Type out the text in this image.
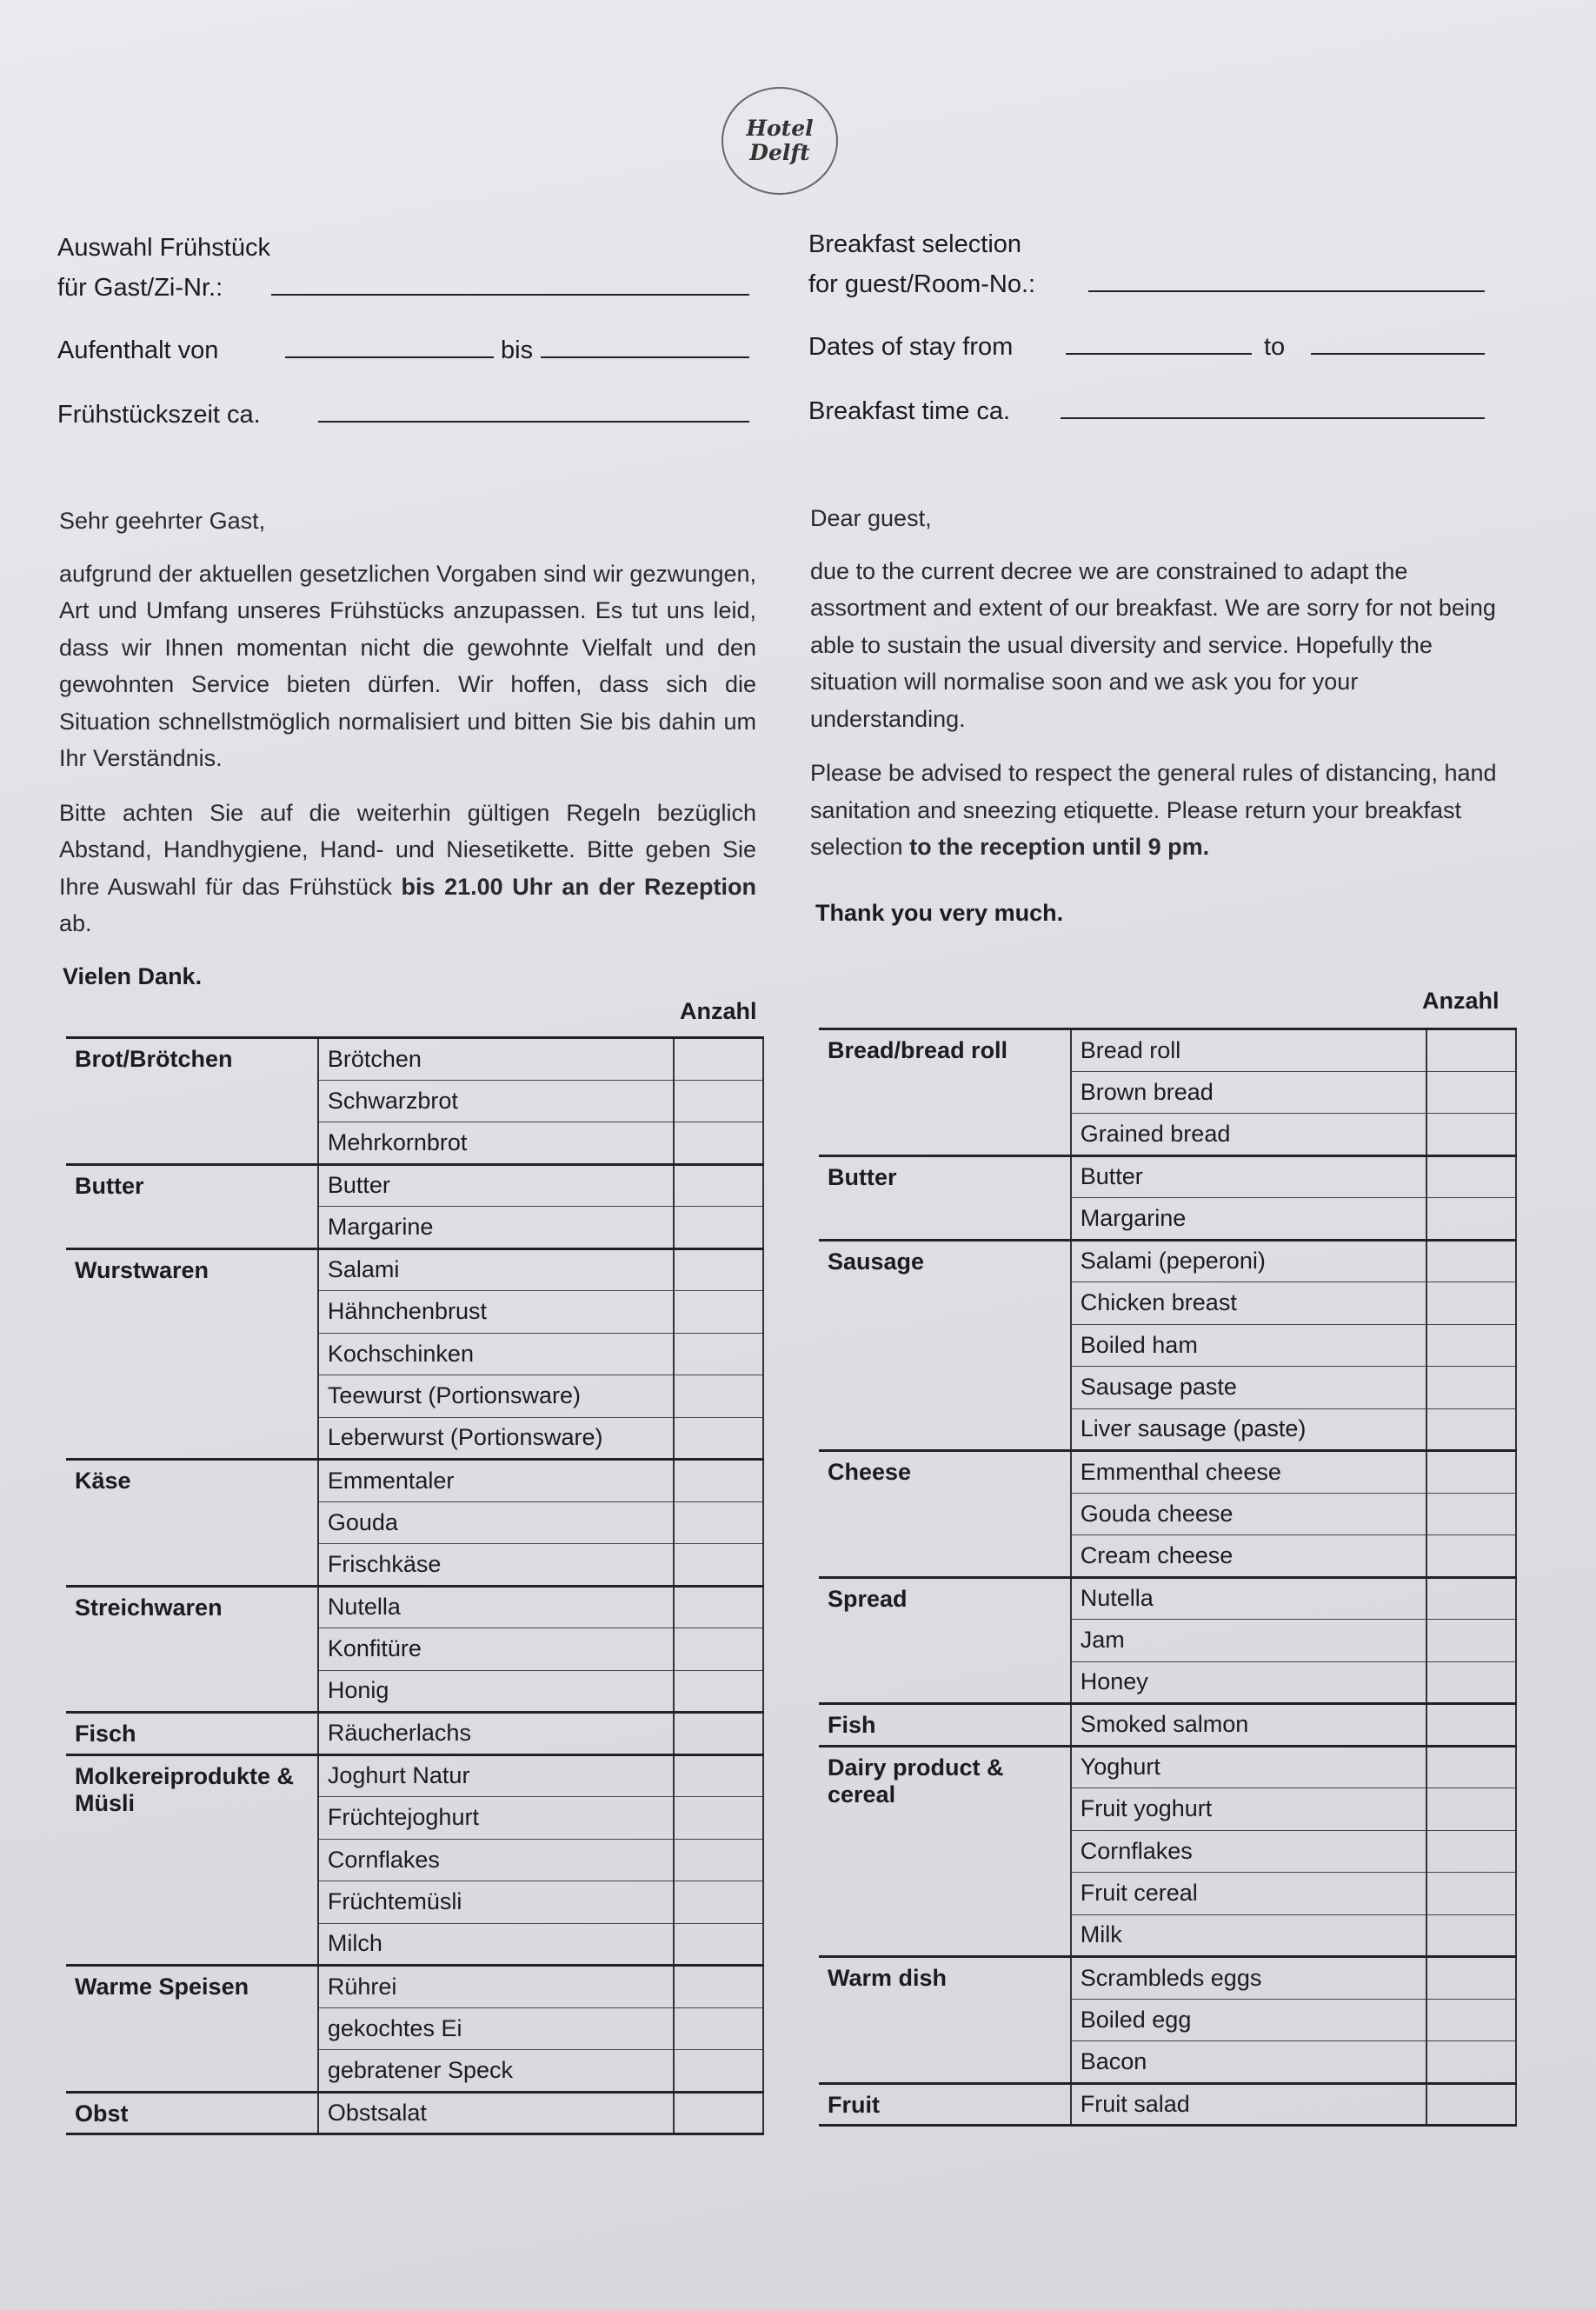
Hotel
Delft
Auswahl Frühstück
für Gast/Zi-Nr.:
Aufenthalt von	bis
Frühstückszeit ca.
Breakfast selection
for guest/Room-No.:
Dates of stay from	to
Breakfast time ca.

Sehr geehrter Gast,

aufgrund der aktuellen gesetzlichen Vorgaben sind wir gezwungen, Art und Umfang unseres Frühstücks anzupassen. Es tut uns leid, dass wir Ihnen momentan nicht die gewohnte Vielfalt und den gewohnten Service bieten dürfen. Wir hoffen, dass sich die Situation schnellstmöglich normalisiert und bitten Sie bis dahin um Ihr Verständnis.

Bitte achten Sie auf die weiterhin gültigen Regeln bezüglich Abstand, Handhygiene, Hand- und Niesetikette. Bitte geben Sie Ihre Auswahl für das Frühstück bis 21.00 Uhr an der Rezeption ab.

Vielen Dank.

Dear guest,

due to the current decree we are constrained to adapt the assortment and extent of our breakfast. We are sorry for not being able to sustain the usual diversity and service. Hopefully the situation will normalise soon and we ask you for your understanding.

Please be advised to respect the general rules of distancing, hand sanitation and sneezing etiquette. Please return your breakfast selection to the reception until 9 pm.

Thank you very much.
Anzahl
Brot/Brötchen	Brötchen	
	Schwarzbrot	
	Mehrkornbrot	
Butter	Butter	
	Margarine	
Wurstwaren	Salami	
	Hähnchenbrust	
	Kochschinken	
	Teewurst (Portionsware)	
	Leberwurst (Portionsware)	
Käse	Emmentaler	
	Gouda	
	Frischkäse	
Streichwaren	Nutella	
	Konfitüre	
	Honig	
Fisch	Räucherlachs	
Molkereiprodukte & Müsli	Joghurt Natur	
	Früchtejoghurt	
	Cornflakes	
	Früchtemüsli	
	Milch	
Warme Speisen	Rührei	
	gekochtes Ei	
	gebratener Speck	
Obst	Obstsalat	
Anzahl
Bread/bread roll	Bread roll	
	Brown bread	
	Grained bread	
Butter	Butter	
	Margarine	
Sausage	Salami (peperoni)	
	Chicken breast	
	Boiled ham	
	Sausage paste	
	Liver sausage (paste)	
Cheese	Emmenthal cheese	
	Gouda cheese	
	Cream cheese	
Spread	Nutella	
	Jam	
	Honey	
Fish	Smoked salmon	
Dairy product & cereal	Yoghurt	
	Fruit yoghurt	
	Cornflakes	
	Fruit cereal	
	Milk	
Warm dish	Scrambleds eggs	
	Boiled egg	
	Bacon	
Fruit	Fruit salad	
